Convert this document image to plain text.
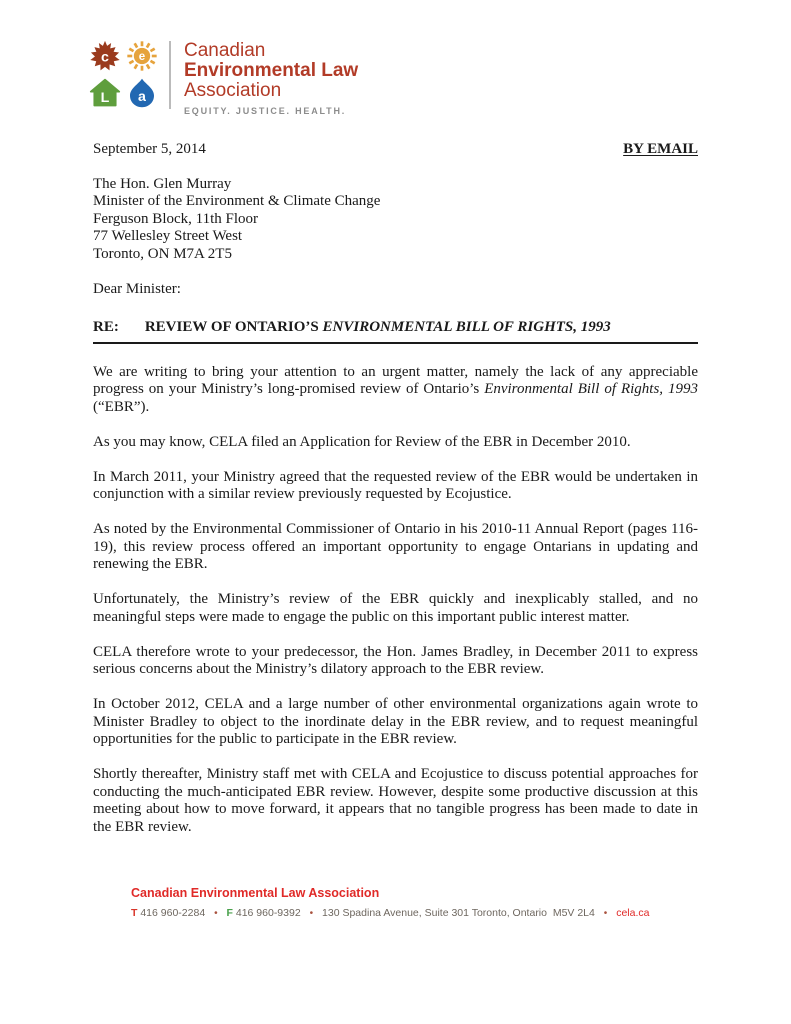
c e
L a
Canadian
Environmental Law
Association
EQUITY. JUSTICE. HEALTH.
September 5, 2014	BY EMAIL
The Hon. Glen Murray
Minister of the Environment & Climate Change
Ferguson Block, 11th Floor
77 Wellesley Street West
Toronto, ON M7A 2T5
Dear Minister:
RE: REVIEW OF ONTARIO’S ENVIRONMENTAL BILL OF RIGHTS, 1993

We are writing to bring your attention to an urgent matter, namely the lack of any appreciable progress on your Ministry’s long-promised review of Ontario’s Environmental Bill of Rights, 1993 (“EBR”).

As you may know, CELA filed an Application for Review of the EBR in December 2010.

In March 2011, your Ministry agreed that the requested review of the EBR would be undertaken in conjunction with a similar review previously requested by Ecojustice.

As noted by the Environmental Commissioner of Ontario in his 2010-11 Annual Report (pages 116-19), this review process offered an important opportunity to engage Ontarians in updating and renewing the EBR.

Unfortunately, the Ministry’s review of the EBR quickly and inexplicably stalled, and no meaningful steps were made to engage the public on this important public interest matter.

CELA therefore wrote to your predecessor, the Hon. James Bradley, in December 2011 to express serious concerns about the Ministry’s dilatory approach to the EBR review.

In October 2012, CELA and a large number of other environmental organizations again wrote to Minister Bradley to object to the inordinate delay in the EBR review, and to request meaningful opportunities for the public to participate in the EBR review.

Shortly thereafter, Ministry staff met with CELA and Ecojustice to discuss potential approaches for conducting the much-anticipated EBR review. However, despite some productive discussion at this meeting about how to move forward, it appears that no tangible progress has been made to date in the EBR review.

Canadian Environmental Law Association
T 416 960-2284 • F 416 960-9392 • 130 Spadina Avenue, Suite 301 Toronto, Ontario  M5V 2L4 • cela.ca
